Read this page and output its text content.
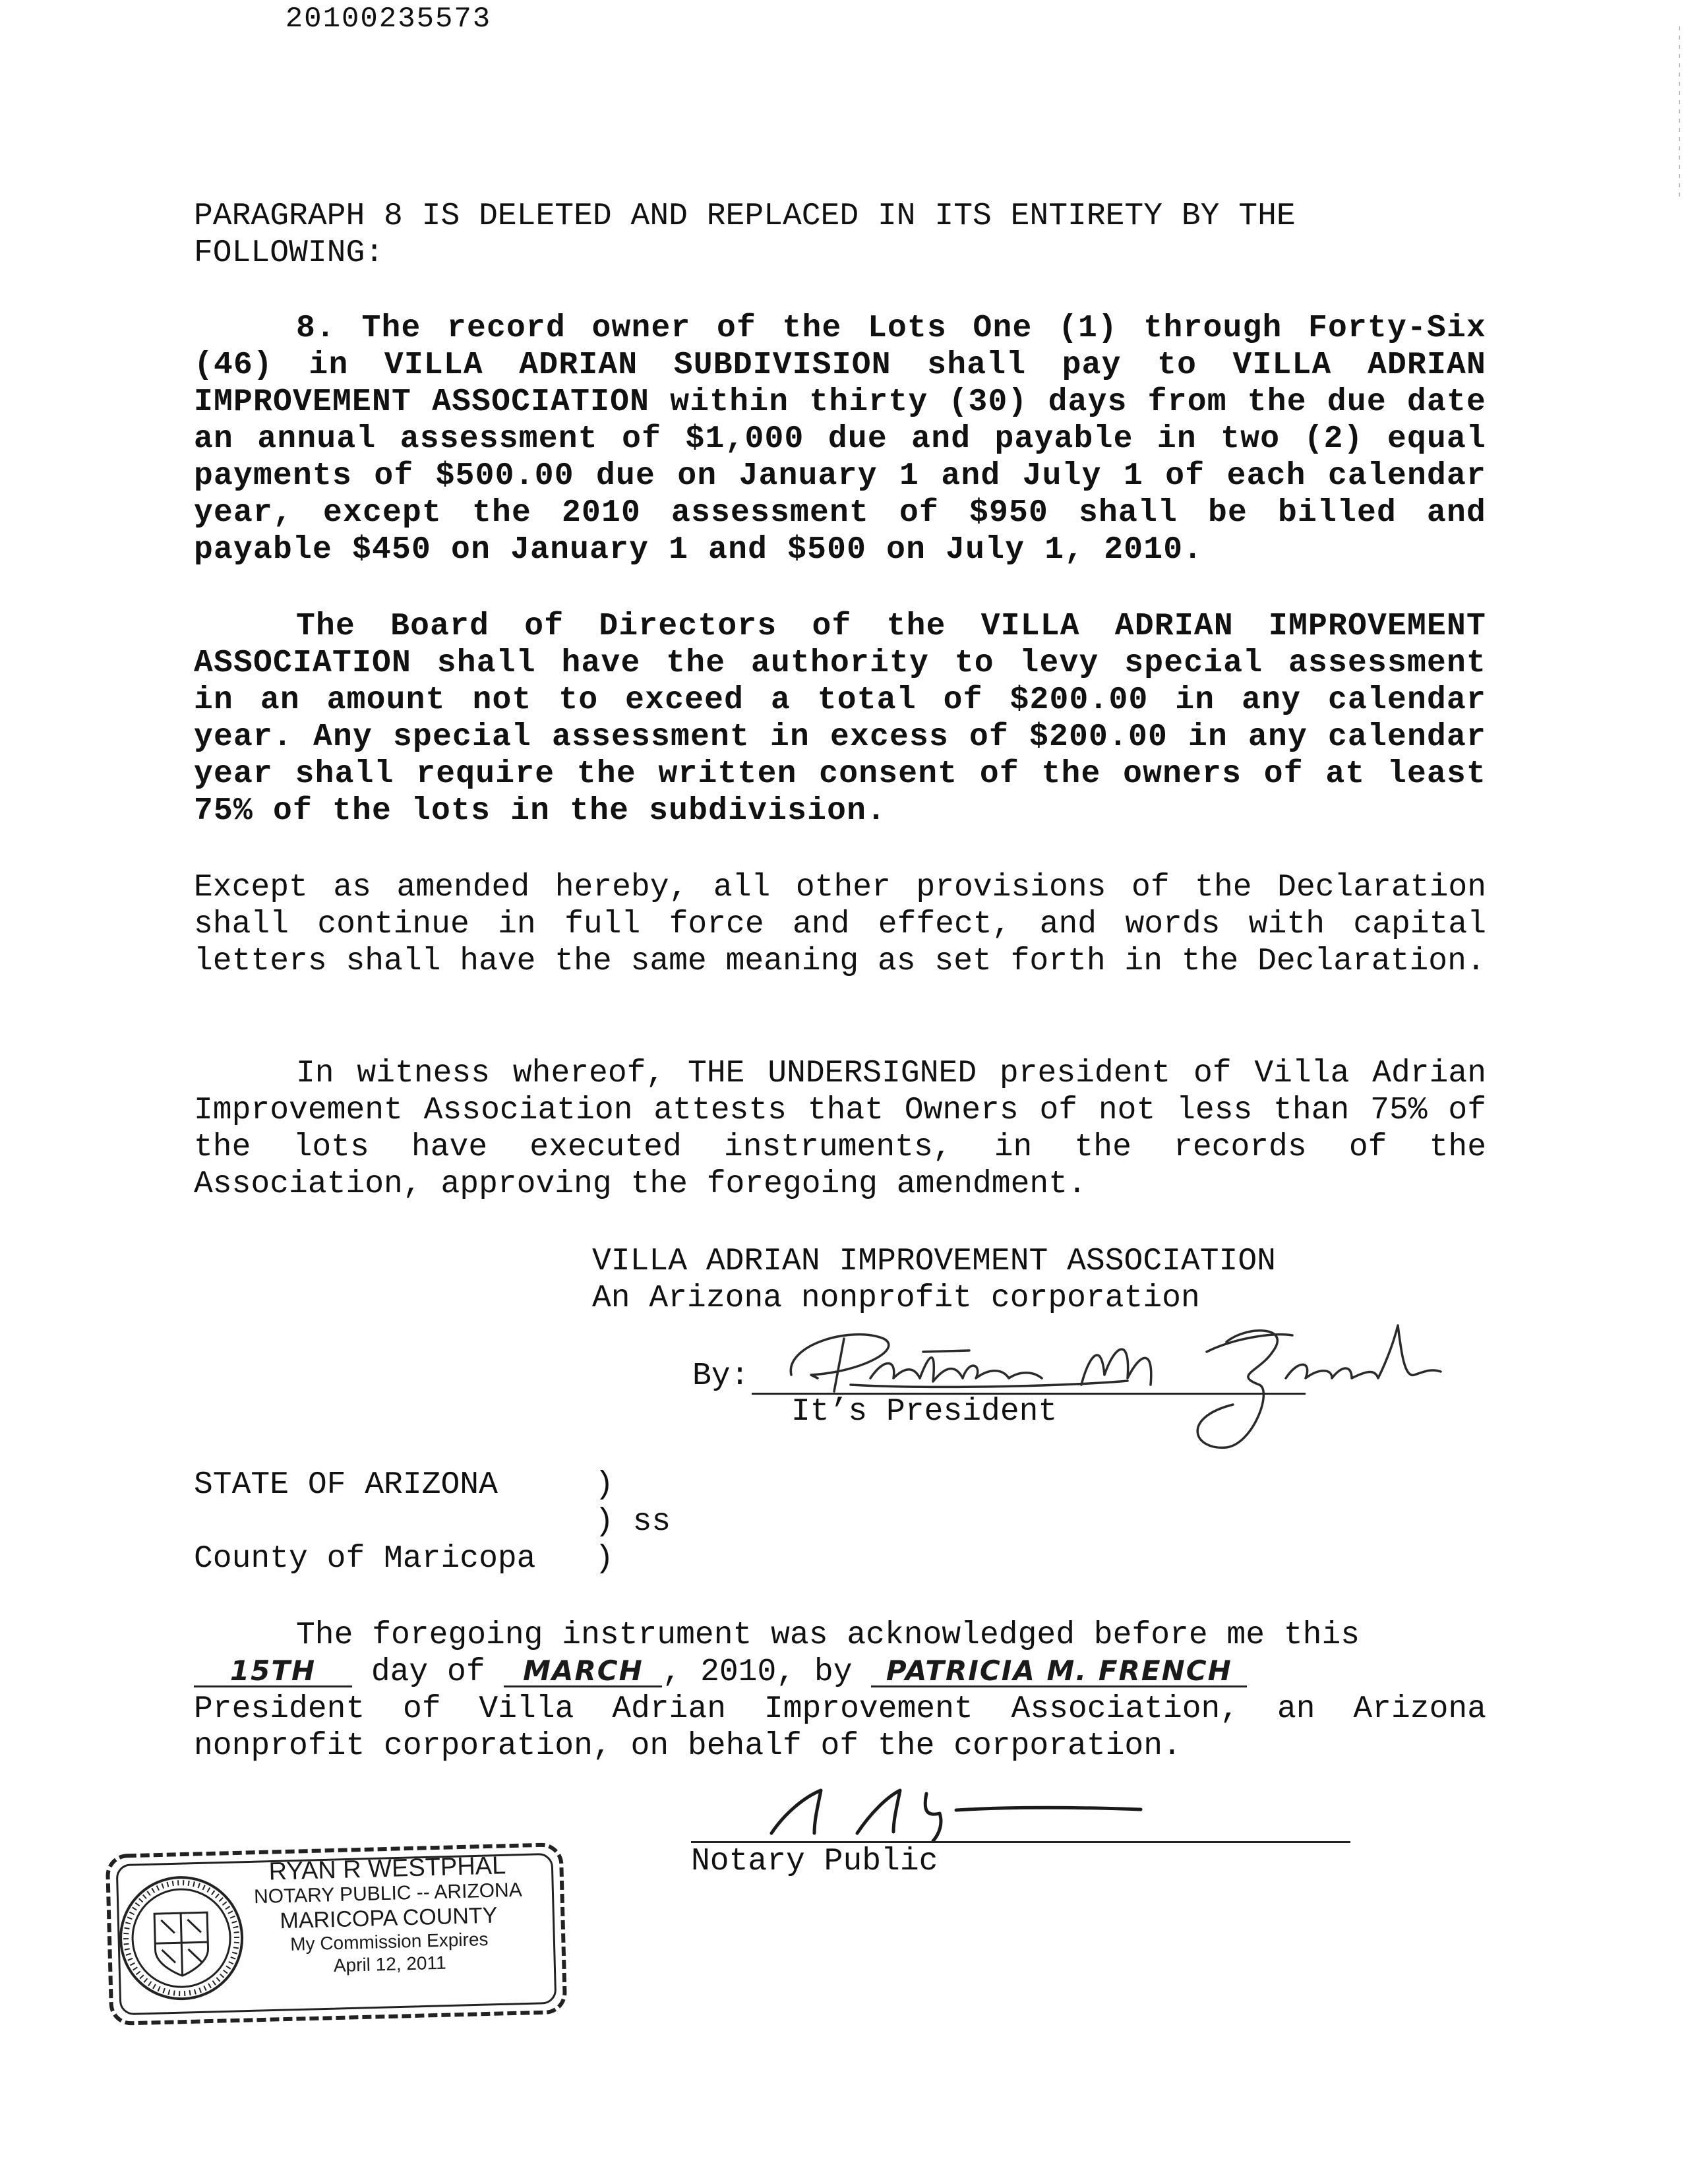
20100235573
PARAGRAPH 8 IS DELETED AND REPLACED IN ITS ENTIRETY BY THE FOLLOWING:
8. The record owner of the Lots One (1) through Forty-Six (46) in VILLA ADRIAN SUBDIVISION shall pay to VILLA ADRIAN IMPROVEMENT ASSOCIATION within thirty (30) days from the due date an annual assessment of $1,000 due and payable in two (2) equal payments of $500.00 due on January 1 and July 1 of each calendar year, except the 2010 assessment of $950 shall be billed and payable $450 on January 1 and $500 on July 1, 2010.
The Board of Directors of the VILLA ADRIAN IMPROVEMENT ASSOCIATION shall have the authority to levy special assessment in an amount not to exceed a total of $200.00 in any calendar year. Any special assessment in excess of $200.00 in any calendar year shall require the written consent of the owners of at least 75% of the lots in the subdivision.
Except as amended hereby, all other provisions of the Declaration shall continue in full force and effect, and words with capital letters shall have the same meaning as set forth in the Declaration.
In witness whereof, THE UNDERSIGNED president of Villa Adrian Improvement Association attests that Owners of not less than 75% of the lots have executed instruments, in the records of the Association, approving the foregoing amendment.
VILLA ADRIAN IMPROVEMENT ASSOCIATION
An Arizona nonprofit corporation
By:
It’s President
STATE OF ARIZONA	)
) ss
County of Maricopa	)
The foregoing instrument was acknowledged before me this
15TH day of MARCH , 2010, by PATRICIA M. FRENCH
President of Villa Adrian Improvement Association, an Arizona nonprofit corporation, on behalf of the corporation.
Notary Public
RYAN R WESTPHAL
NOTARY PUBLIC -- ARIZONA
MARICOPA COUNTY
My Commission Expires
April 12, 2011
